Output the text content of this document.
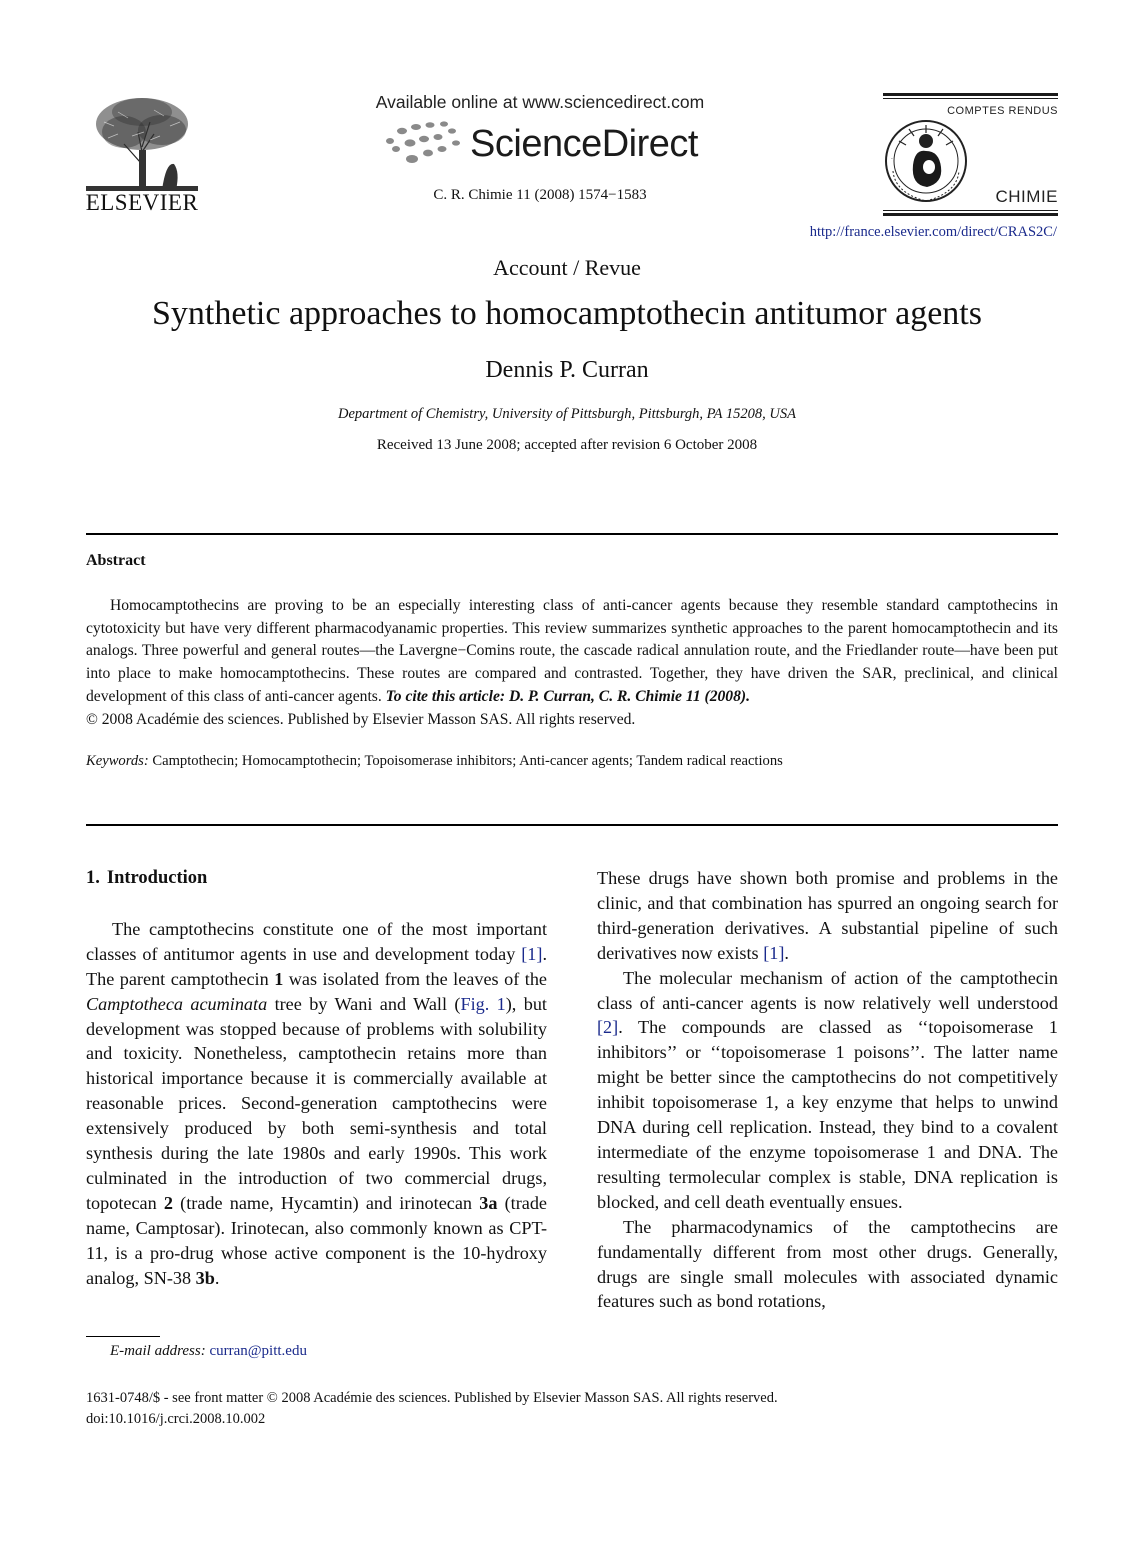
ELSEVIER
Available online at www.sciencedirect.com
ScienceDirect
C. R. Chimie 11 (2008) 1574−1583
COMPTES RENDUS
·	·
CHIMIE
http://france.elsevier.com/direct/CRAS2C/
Account / Revue
Synthetic approaches to homocamptothecin antitumor agents
Dennis P. Curran
Department of Chemistry, University of Pittsburgh, Pittsburgh, PA 15208, USA
Received 13 June 2008; accepted after revision 6 October 2008
Abstract
Homocamptothecins are proving to be an especially interesting class of anti-cancer agents because they resemble standard camptothecins in cytotoxicity but have very different pharmacodyanamic properties. This review summarizes synthetic approaches to the parent homocamptothecin and its analogs. Three powerful and general routes—the Lavergne−Comins route, the cascade radical annulation route, and the Friedlander route—have been put into place to make homocamptothecins. These routes are compared and contrasted. Together, they have driven the SAR, preclinical, and clinical development of this class of anti-cancer agents. To cite this article: D. P. Curran, C. R. Chimie 11 (2008).
© 2008 Académie des sciences. Published by Elsevier Masson SAS. All rights reserved.
Keywords: Camptothecin; Homocamptothecin; Topoisomerase inhibitors; Anti-cancer agents; Tandem radical reactions
1. Introduction

The camptothecins constitute one of the most important classes of antitumor agents in use and development today [1]. The parent camptothecin 1 was isolated from the leaves of the Camptotheca acuminata tree by Wani and Wall (Fig. 1), but development was stopped because of problems with solubility and toxicity. Nonetheless, camptothecin retains more than historical importance because it is commercially available at reasonable prices. Second-generation camptothecins were extensively produced by both semi-synthesis and total synthesis during the late 1980s and early 1990s. This work culminated in the introduction of two commercial drugs, topotecan 2 (trade name, Hycamtin) and irinotecan 3a (trade name, Camptosar). Irinotecan, also commonly known as CPT-11, is a pro-drug whose active component is the 10-hydroxy analog, SN-38 3b.

These drugs have shown both promise and problems in the clinic, and that combination has spurred an ongoing search for third-generation derivatives. A substantial pipeline of such derivatives now exists [1].

The molecular mechanism of action of the camptothecin class of anti-cancer agents is now relatively well understood [2]. The compounds are classed as ‘‘topoisomerase 1 inhibitors’’ or ‘‘topoisomerase 1 poisons’’. The latter name might be better since the camptothecins do not competitively inhibit topoisomerase 1, a key enzyme that helps to unwind DNA during cell replication. Instead, they bind to a covalent intermediate of the enzyme topoisomerase 1 and DNA. The resulting termolecular complex is stable, DNA replication is blocked, and cell death eventually ensues.

The pharmacodynamics of the camptothecins are fundamentally different from most other drugs. Generally, drugs are single small molecules with associated dynamic features such as bond rotations,

E-mail address: curran@pitt.edu
1631-0748/$ - see front matter © 2008 Académie des sciences. Published by Elsevier Masson SAS. All rights reserved.
doi:10.1016/j.crci.2008.10.002
